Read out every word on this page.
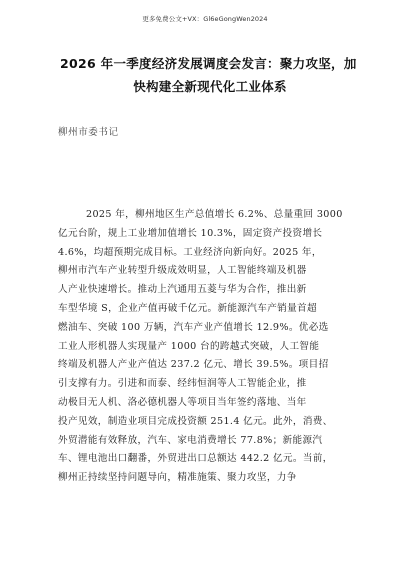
更多免费公文+VX：Gl6eGongWen2024
2026 年一季度经济发展调度会发言：聚力攻坚，加
快构建全新现代化工业体系
柳州市委书记
2025 年，柳州地区生产总值增长 6.2%、总量重回 3000
亿元台阶，规上工业增加值增长 10.3%，固定资产投资增长
4.6%，均超预期完成目标。工业经济向新向好。2025 年，
柳州市汽车产业转型升级成效明显，人工智能终端及机器
人产业快速增长。推动上汽通用五菱与华为合作，推出新
车型华境 S，企业产值再破千亿元。新能源汽车产销量首超
燃油车、突破 100 万辆，汽车产业产值增长 12.9%。优必选
工业人形机器人实现量产 1000 台的跨越式突破，人工智能
终端及机器人产业产值达 237.2 亿元、增长 39.5%。项目招
引支撑有力。引进和而泰、经纬恒润等人工智能企业，推
动极目无人机、洛必德机器人等项目当年签约落地、当年
投产见效，制造业项目完成投资额 251.4 亿元。此外，消费、
外贸潜能有效释放，汽车、家电消费增长 77.8%；新能源汽
车、锂电池出口翻番，外贸进出口总额达 442.2 亿元。当前，
柳州正持续坚持问题导向，精准施策、聚力攻坚，力争
